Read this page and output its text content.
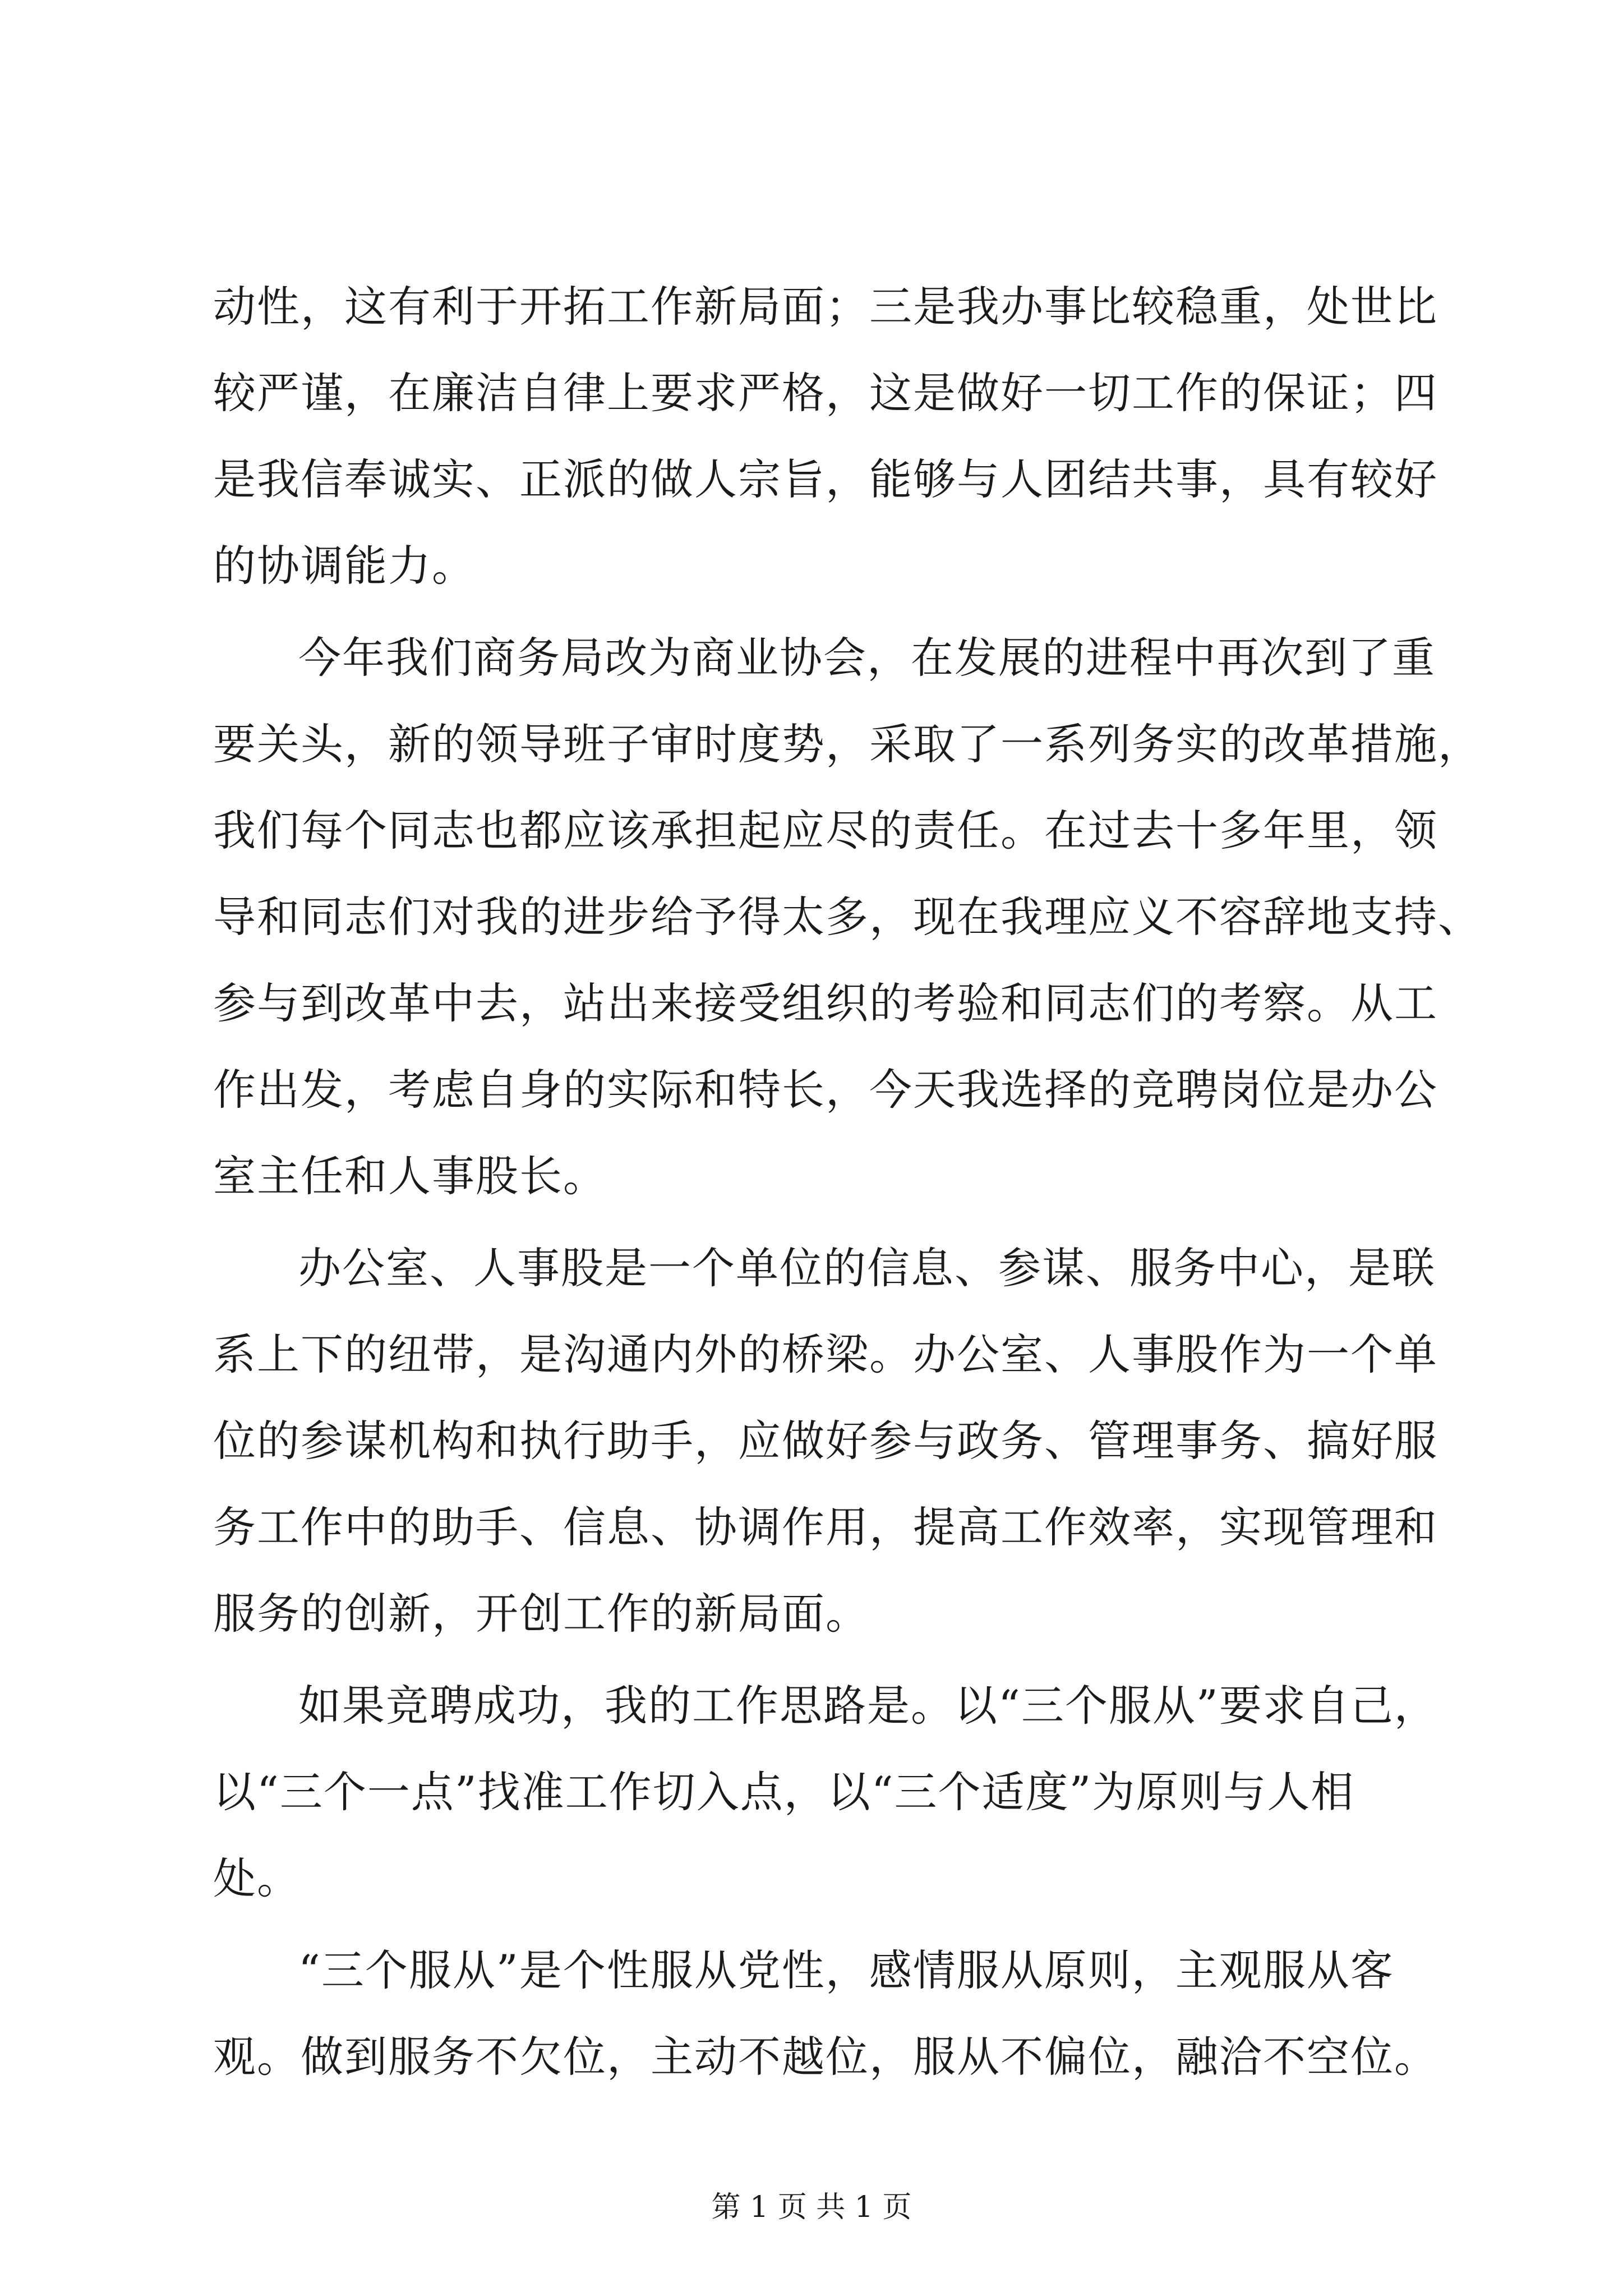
动性，这有利于开拓工作新局面；三是我办事比较稳重，处世比
较严谨，在廉洁自律上要求严格，这是做好一切工作的保证；四
是我信奉诚实、正派的做人宗旨，能够与人团结共事，具有较好
的协调能力。
今年我们商务局改为商业协会，在发展的进程中再次到了重
要关头，新的领导班子审时度势，采取了一系列务实的改革措施，
我们每个同志也都应该承担起应尽的责任。在过去十多年里，领
导和同志们对我的进步给予得太多，现在我理应义不容辞地支持、
参与到改革中去，站出来接受组织的考验和同志们的考察。从工
作出发，考虑自身的实际和特长，今天我选择的竞聘岗位是办公
室主任和人事股长。
办公室、人事股是一个单位的信息、参谋、服务中心，是联
系上下的纽带，是沟通内外的桥梁。办公室、人事股作为一个单
位的参谋机构和执行助手，应做好参与政务、管理事务、搞好服
务工作中的助手、信息、协调作用，提高工作效率，实现管理和
服务的创新，开创工作的新局面。
如果竞聘成功，我的工作思路是。以“三个服从”要求自己，
以“三个一点”找准工作切入点，以“三个适度”为原则与人相
处。
“三个服从”是个性服从党性，感情服从原则，主观服从客
观。做到服务不欠位，主动不越位，服从不偏位，融洽不空位。
第 1 页 共 1 页
